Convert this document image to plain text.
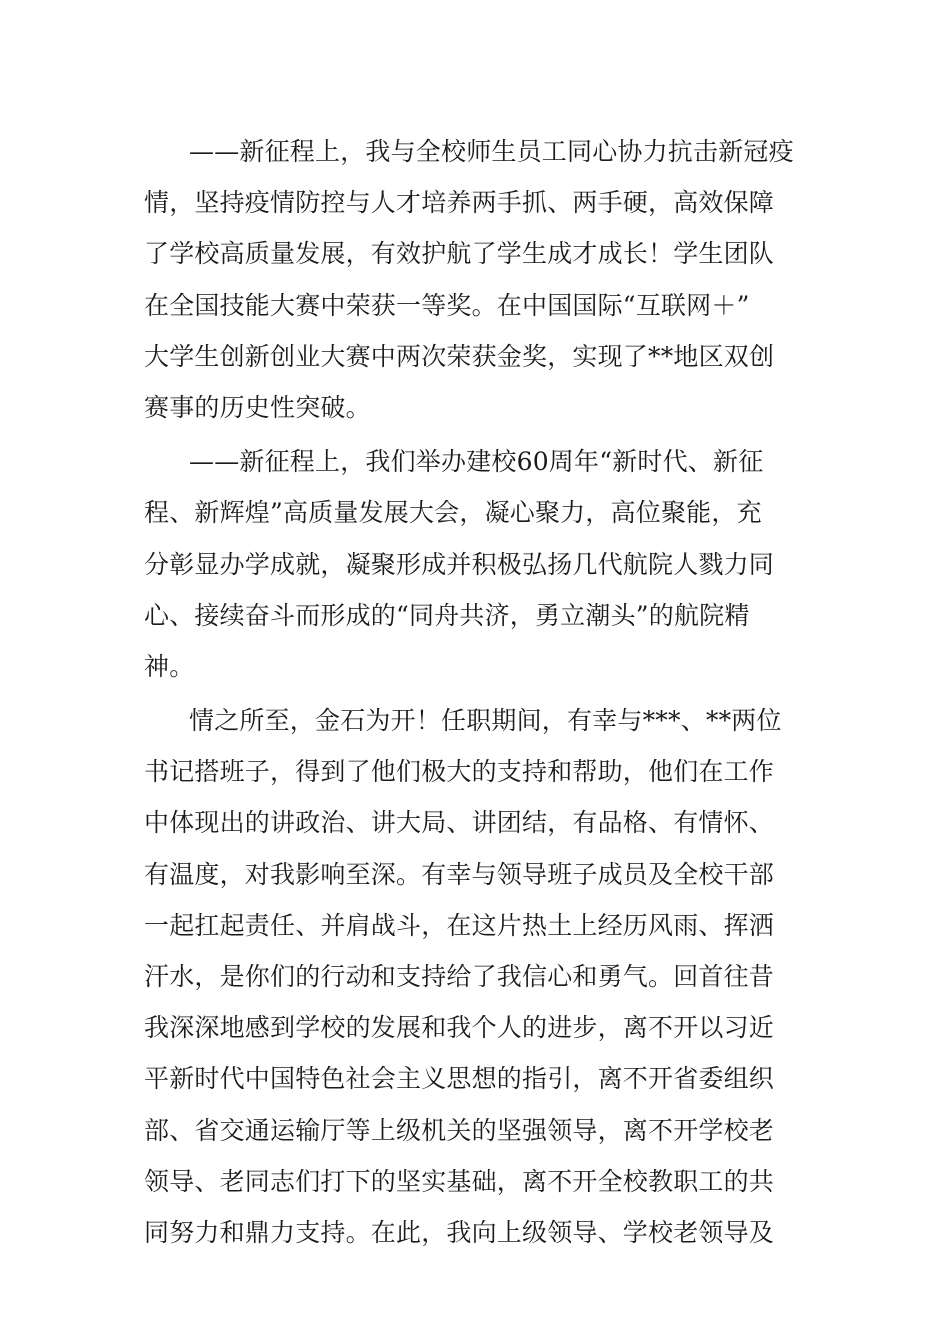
——新征程上，我与全校师生员工同心协力抗击新冠疫
情，坚持疫情防控与人才培养两手抓、两手硬，高效保障
了学校高质量发展，有效护航了学生成才成长！学生团队
在全国技能大赛中荣获一等奖。在中国国际“互联网＋”
大学生创新创业大赛中两次荣获金奖，实现了**地区双创
赛事的历史性突破。
——新征程上，我们举办建校60周年“新时代、新征
程、新辉煌”高质量发展大会，凝心聚力，高位聚能，充
分彰显办学成就，凝聚形成并积极弘扬几代航院人戮力同
心、接续奋斗而形成的“同舟共济，勇立潮头”的航院精
神。
情之所至，金石为开！任职期间，有幸与***、**两位
书记搭班子，得到了他们极大的支持和帮助，他们在工作
中体现出的讲政治、讲大局、讲团结，有品格、有情怀、
有温度，对我影响至深。有幸与领导班子成员及全校干部
一起扛起责任、并肩战斗，在这片热土上经历风雨、挥洒
汗水，是你们的行动和支持给了我信心和勇气。回首往昔
我深深地感到学校的发展和我个人的进步，离不开以习近
平新时代中国特色社会主义思想的指引，离不开省委组织
部、省交通运输厅等上级机关的坚强领导，离不开学校老
领导、老同志们打下的坚实基础，离不开全校教职工的共
同努力和鼎力支持。在此，我向上级领导、学校老领导及
